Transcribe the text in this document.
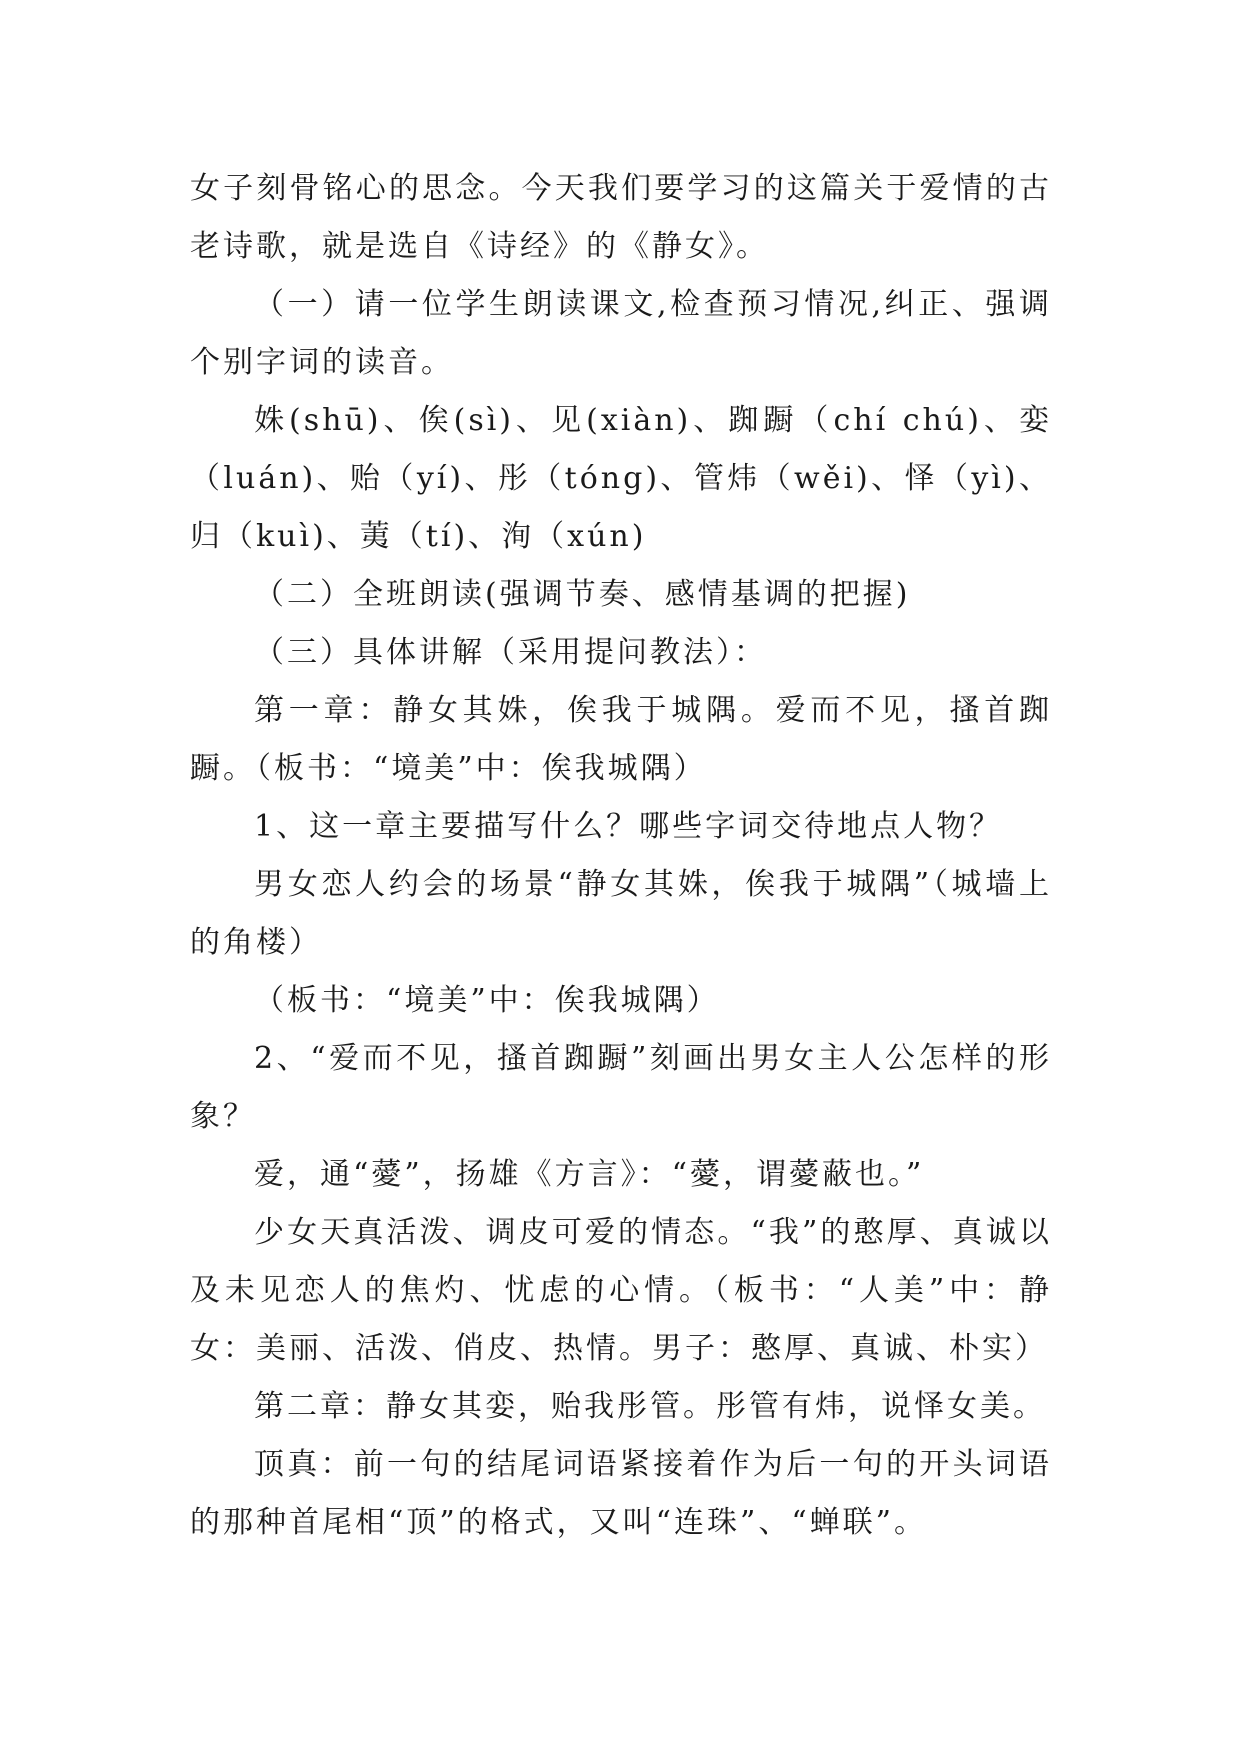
女子刻骨铭心的思念。今天我们要学习的这篇关于爱情的古老诗歌，就是选自《诗经》的《静女》。

（一）请一位学生朗读课文,检查预习情况,纠正、强调个别字词的读音。

姝(shū)、俟(sì)、见(xiàn)、踟蹰（chí chú)、娈（luán)、贻（yí)、彤（tóng)、管炜（wěi)、怿（yì)、归（kuì)、荑（tí)、洵（xún)

（二）全班朗读(强调节奏、感情基调的把握)

（三）具体讲解（采用提问教法）：

第一章：静女其姝，俟我于城隅。爱而不见，搔首踟蹰。（板书：“境美”中：俟我城隅）

1、这一章主要描写什么？哪些字词交待地点人物？

男女恋人约会的场景“静女其姝，俟我于城隅”（城墙上的角楼）

（板书：“境美”中：俟我城隅）

2、“爱而不见，搔首踟蹰”刻画出男女主人公怎样的形象？

爱，通“薆”，扬雄《方言》：“薆，谓薆蔽也。”

少女天真活泼、调皮可爱的情态。“我”的憨厚、真诚以及未见恋人的焦灼、忧虑的心情。（板书：“人美”中：静女：美丽、活泼、俏皮、热情。男子：憨厚、真诚、朴实）

第二章：静女其娈，贻我彤管。彤管有炜，说怿女美。

顶真：前一句的结尾词语紧接着作为后一句的开头词语的那种首尾相“顶”的格式，又叫“连珠”、“蝉联”。
